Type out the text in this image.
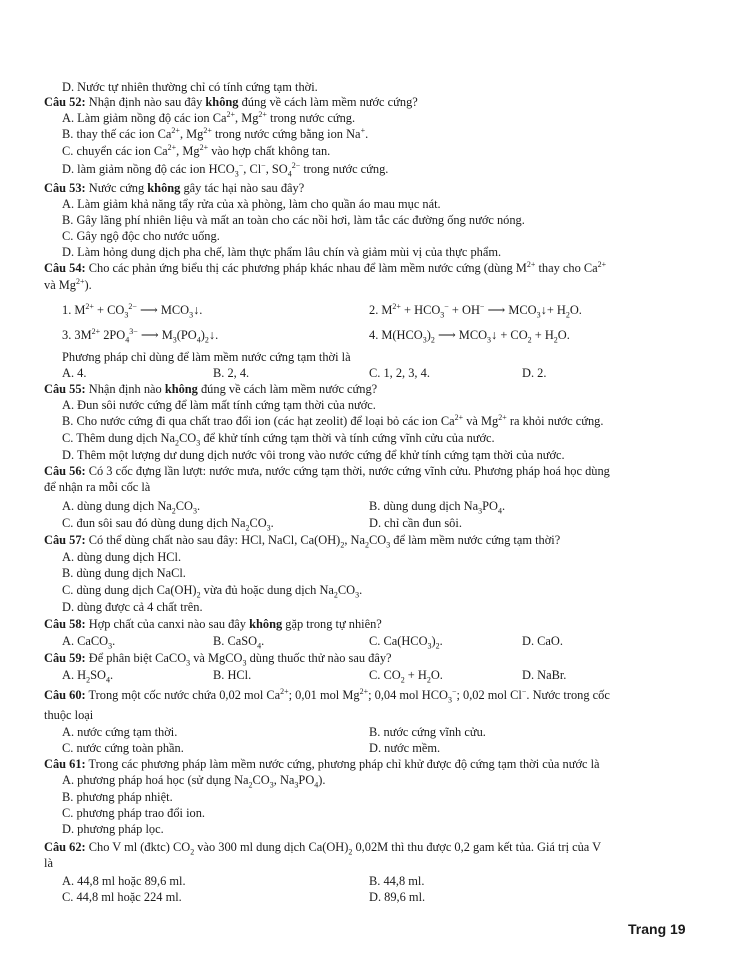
D. Nước tự nhiên thường chỉ có tính cứng tạm thời.
Câu 52: Nhận định nào sau đây không đúng về cách làm mềm nước cứng?
A. Làm giảm nồng độ các ion $Ca^{2+}$, $Mg^{2+}$ trong nước cứng.
B. thay thế các ion $Ca^{2+}$, $Mg^{2+}$ trong nước cứng bằng ion Na+.
C. chuyển các ion $Ca^{2+}$, $Mg^{2+}$ vào hợp chất không tan.
D. làm giảm nồng độ các ion $HCO_3^-$, Cl−, $SO_4^{2-}$ trong nước cứng.
Câu 53: Nước cứng không gây tác hại nào sau đây?
A. Làm giảm khả năng tẩy rửa của xà phòng, làm cho quần áo mau mục nát.
B. Gây lãng phí nhiên liệu và mất an toàn cho các nồi hơi, làm tắc các đường ống nước nóng.
C. Gây ngộ độc cho nước uống.
D. Làm hỏng dung dịch pha chế, làm thực phẩm lâu chín và giảm mùi vị của thực phẩm.
Câu 54: Cho các phản ứng biểu thị các phương pháp khác nhau để làm mềm nước cứng (dùng $M^{2+}$ thay cho $Ca^{2+}$
và $Mg^{2+}$).
1. $M^{2+} + CO_3^{2-}$ ⟶ $MCO_3↓$.	2. $M^{2+} + HCO_3^- + OH^-$ ⟶ $MCO_3↓+ H_2O$.
3. $3M^{2+}$ $2PO_4^{3-}$ ⟶ $M_3(PO_4)_2↓$.	4. $M(HCO_3)_2$ ⟶ $MCO_3↓ + CO_2 + H_2O$.
Phương pháp chỉ dùng để làm mềm nước cứng tạm thời là
A. 4.	B. 2, 4.	C. 1, 2, 3, 4.	D. 2.
Câu 55: Nhận định nào không đúng về cách làm mềm nước cứng?
A. Đun sôi nước cứng để làm mất tính cứng tạm thời của nước.
B. Cho nước cứng đi qua chất trao đổi ion (các hạt zeolit) để loại bỏ các ion $Ca^{2+}$ và $Mg^{2+}$ ra khỏi nước cứng.
C. Thêm dung dịch $Na_2CO_3$ để khử tính cứng tạm thời và tính cứng vĩnh cửu của nước.
D. Thêm một lượng dư dung dịch nước vôi trong vào nước cứng để khử tính cứng tạm thời của nước.
Câu 56: Có 3 cốc đựng lần lượt: nước mưa, nước cứng tạm thời, nước cứng vĩnh cửu. Phương pháp hoá học dùng
để nhận ra mỗi cốc là
A. dùng dung dịch $Na_2CO_3$.	B. dùng dung dịch $Na_3PO_4$.
C. đun sôi sau đó dùng dung dịch $Na_2CO_3$.	D. chỉ cần đun sôi.
Câu 57: Có thể dùng chất nào sau đây: HCl, NaCl, $Ca(OH)_2$, $Na_2CO_3$ để làm mềm nước cứng tạm thời?
A. dùng dung dịch HCl.
B. dùng dung dịch NaCl.
C. dùng dung dịch $Ca(OH)_2$ vừa đủ hoặc dung dịch $Na_2CO_3$.
D. dùng được cả 4 chất trên.
Câu 58: Hợp chất của canxi nào sau đây không gặp trong tự nhiên?
A. CaCO$_3$.	B. CaSO$_4$.	C. $Ca(HCO_3)_2$.	D. CaO.
Câu 59: Để phân biệt CaCO$_3$ và MgCO$_3$ dùng thuốc thử nào sau đây?
A. $H_2SO_4$.	B. HCl.	C. $CO_2 + H_2O$.	D. NaBr.
Câu 60: Trong một cốc nước chứa 0,02 mol $Ca^{2+}$; 0,01 mol $Mg^{2+}$; 0,04 mol $HCO_3^-$; 0,02 mol Cl−. Nước trong cốc
thuộc loại
A. nước cứng tạm thời.	B. nước cứng vĩnh cửu.
C. nước cứng toàn phần.	D. nước mềm.
Câu 61: Trong các phương pháp làm mềm nước cứng, phương pháp chỉ khử được độ cứng tạm thời của nước là
A. phương pháp hoá học (sử dụng $Na_2CO_3$, $Na_3PO_4$).
B. phương pháp nhiệt.
C. phương pháp trao đổi ion.
D. phương pháp lọc.
Câu 62: Cho V ml (đktc) $CO_2$ vào 300 ml dung dịch $Ca(OH)_2$ 0,02M thì thu được 0,2 gam kết tủa. Giá trị của V
là
A. 44,8 ml hoặc 89,6 ml.	B. 44,8 ml.
C. 44,8 ml hoặc 224 ml.	D. 89,6 ml.
Trang 19
